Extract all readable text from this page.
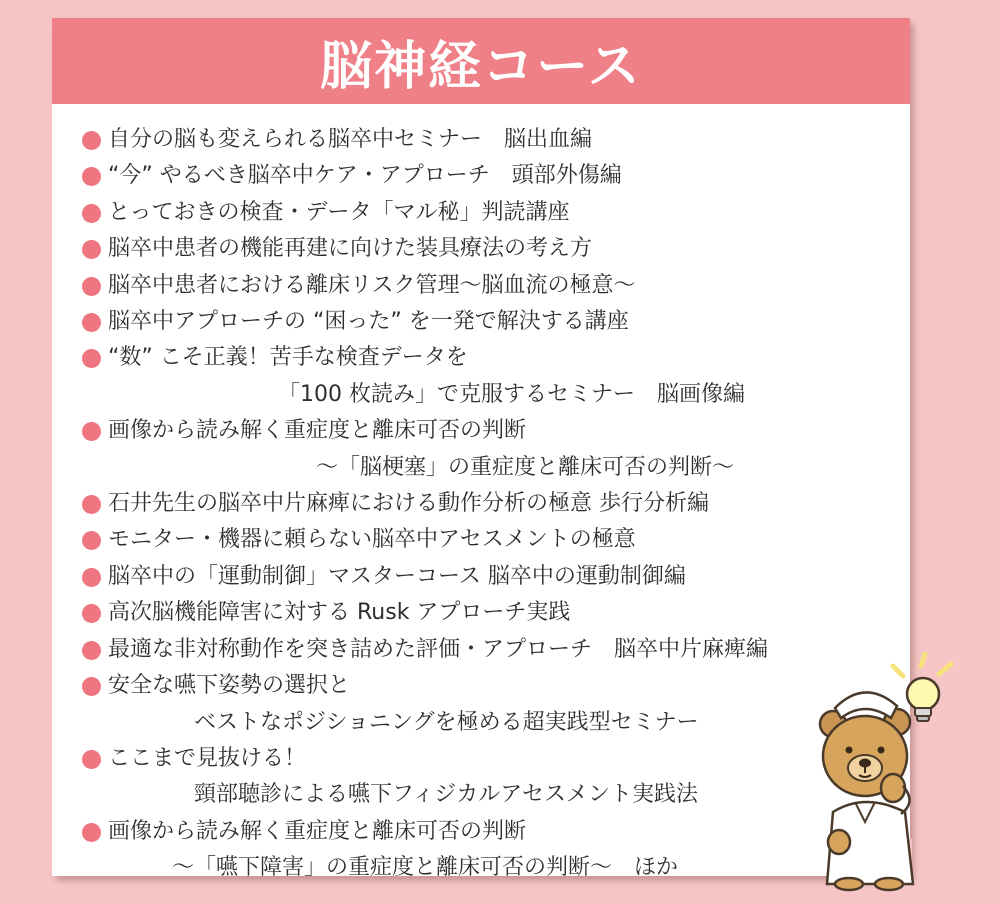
脳神経コース
自分の脳も変えられる脳卒中セミナー　脳出血編
“今” やるべき脳卒中ケア・アプローチ　頭部外傷編
とっておきの検査・データ「マル秘」判読講座
脳卒中患者の機能再建に向けた装具療法の考え方
脳卒中患者における離床リスク管理〜脳血流の極意〜
脳卒中アプローチの “困った” を一発で解決する講座
“数” こそ正義！苦手な検査データを
「100 枚読み」で克服するセミナー　脳画像編
画像から読み解く重症度と離床可否の判断
〜「脳梗塞」の重症度と離床可否の判断〜
石井先生の脳卒中片麻痺における動作分析の極意 歩行分析編
モニター・機器に頼らない脳卒中アセスメントの極意
脳卒中の「運動制御」マスターコース 脳卒中の運動制御編
高次脳機能障害に対する Rusk アプローチ実践
最適な非対称動作を突き詰めた評価・アプローチ　脳卒中片麻痺編
安全な嚥下姿勢の選択と
ベストなポジショニングを極める超実践型セミナー
ここまで見抜ける！
頸部聴診による嚥下フィジカルアセスメント実践法
画像から読み解く重症度と離床可否の判断
〜「嚥下障害」の重症度と離床可否の判断〜　ほか
